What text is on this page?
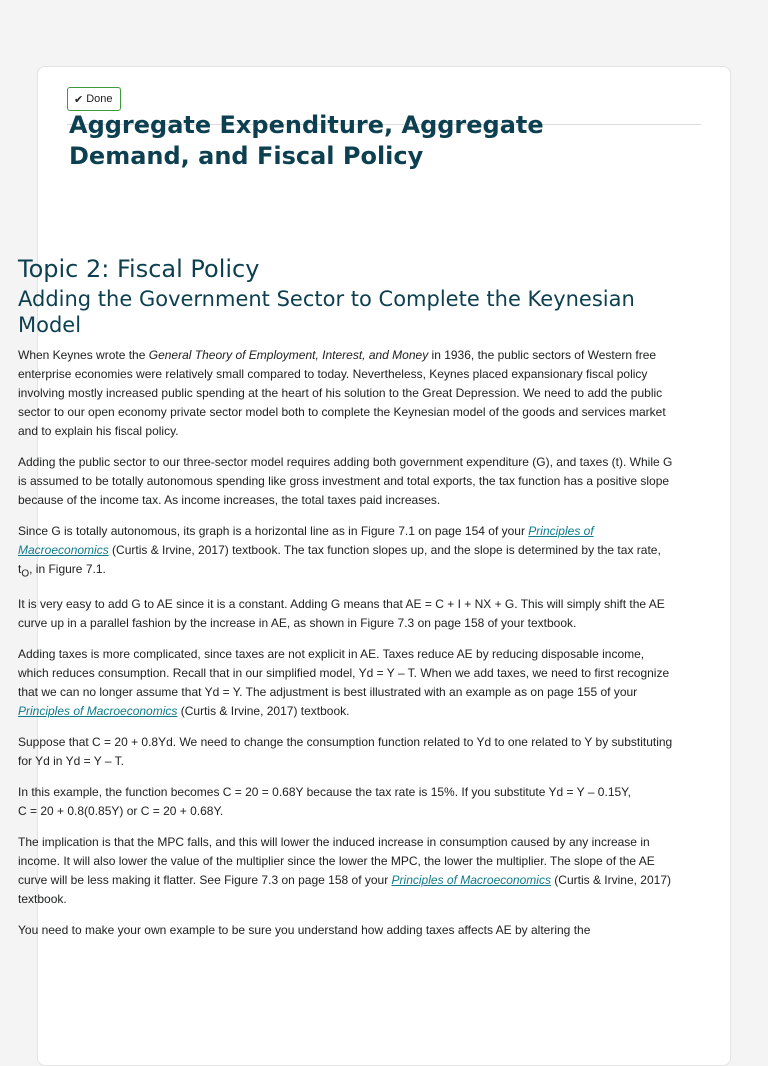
✔ Done
Aggregate Expenditure, Aggregate Demand, and Fiscal Policy
Topic 2: Fiscal Policy
Adding the Government Sector to Complete the Keynesian Model

When Keynes wrote the General Theory of Employment, Interest, and Money in 1936, the public sectors of Western free enterprise economies were relatively small compared to today. Nevertheless, Keynes placed expansionary fiscal policy involving mostly increased public spending at the heart of his solution to the Great Depression. We need to add the public sector to our open economy private sector model both to complete the Keynesian model of the goods and services market and to explain his fiscal policy.

Adding the public sector to our three-sector model requires adding both government expenditure (G), and taxes (t). While G is assumed to be totally autonomous spending like gross investment and total exports, the tax function has a positive slope because of the income tax. As income increases, the total taxes paid increases.

Since G is totally autonomous, its graph is a horizontal line as in Figure 7.1 on page 154 of your Principles of Macroeconomics (Curtis & Irvine, 2017) textbook. The tax function slopes up, and the slope is determined by the tax rate, $t_O$, in Figure 7.1.

It is very easy to add G to AE since it is a constant. Adding G means that AE = C + I + NX + G. This will simply shift the AE curve up in a parallel fashion by the increase in AE, as shown in Figure 7.3 on page 158 of your textbook.

Adding taxes is more complicated, since taxes are not explicit in AE. Taxes reduce AE by reducing disposable income, which reduces consumption. Recall that in our simplified model, Yd = Y – T. When we add taxes, we need to first recognize that we can no longer assume that Yd = Y. The adjustment is best illustrated with an example as on page 155 of your Principles of Macroeconomics (Curtis & Irvine, 2017) textbook.

Suppose that C = 20 + 0.8Yd. We need to change the consumption function related to Yd to one related to Y by substituting for Yd in Yd = Y – T.

In this example, the function becomes C = 20 = 0.68Y because the tax rate is 15%. If you substitute Yd = Y – 0.15Y,
C = 20 + 0.8(0.85Y) or C = 20 + 0.68Y.

The implication is that the MPC falls, and this will lower the induced increase in consumption caused by any increase in income. It will also lower the value of the multiplier since the lower the MPC, the lower the multiplier. The slope of the AE curve will be less making it flatter. See Figure 7.3 on page 158 of your Principles of Macroeconomics (Curtis & Irvine, 2017) textbook.

You need to make your own example to be sure you understand how adding taxes affects AE by altering the
